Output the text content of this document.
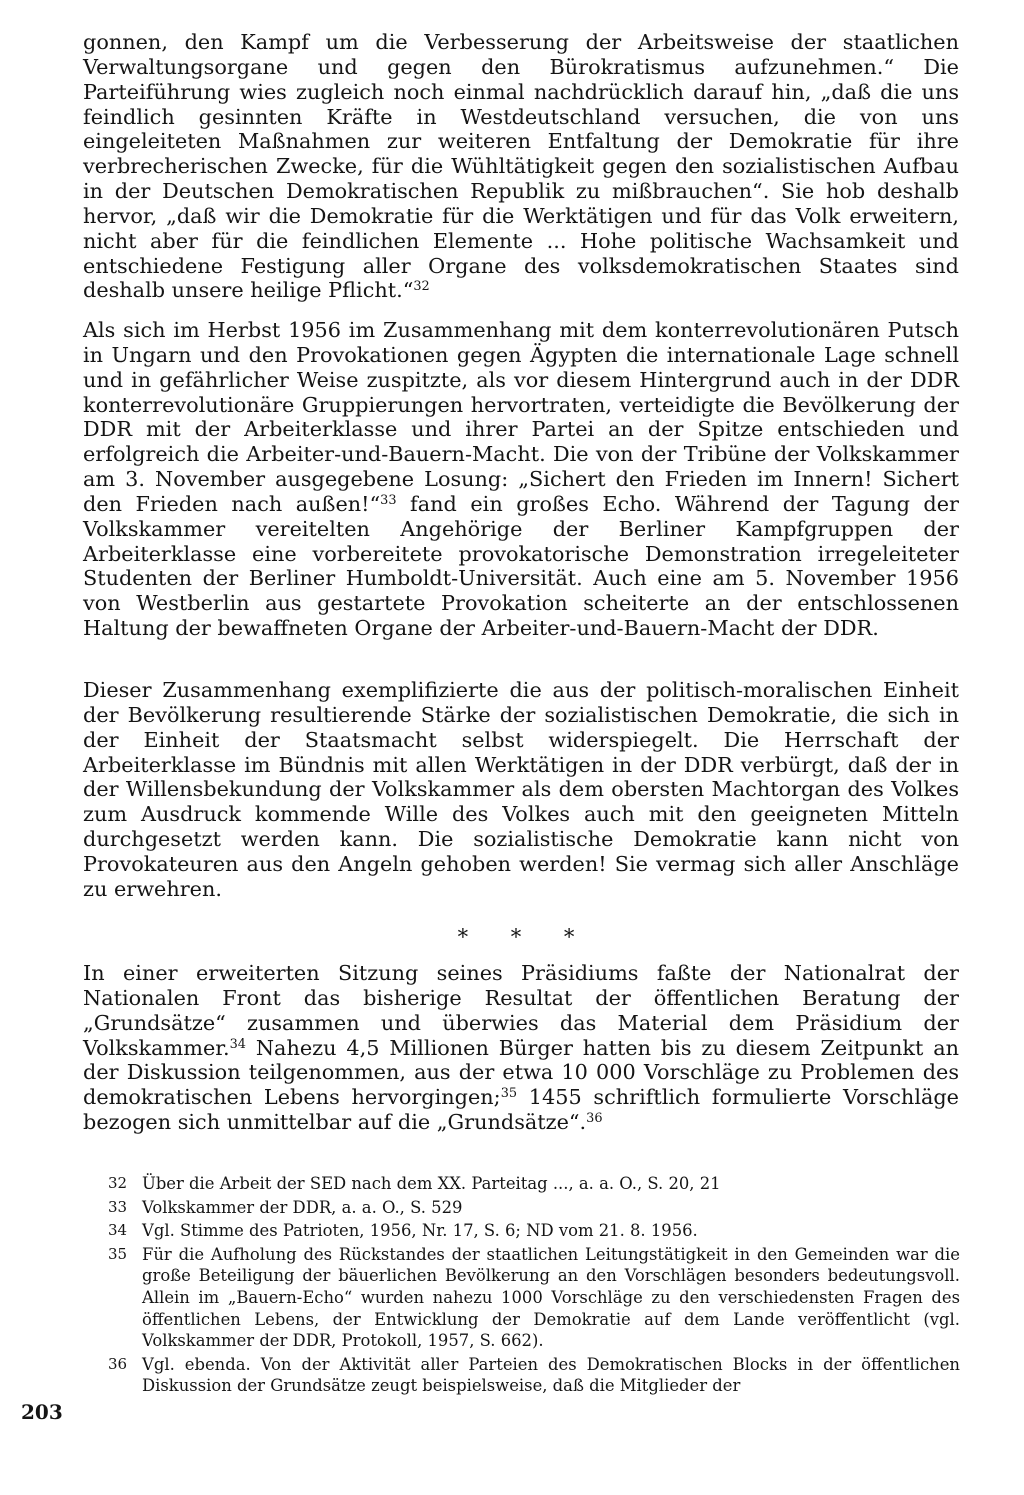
gonnen, den Kampf um die Verbesserung der Arbeitsweise der staatlichen Verwaltungsorgane und gegen den Bürokratismus aufzunehmen.“ Die Parteiführung wies zugleich noch einmal nachdrücklich darauf hin, „daß die uns feindlich gesinnten Kräfte in Westdeutschland versuchen, die von uns eingeleiteten Maßnahmen zur weiteren Entfaltung der Demokratie für ihre verbrecherischen Zwecke, für die Wühltätigkeit gegen den sozialistischen Aufbau in der Deutschen Demokratischen Republik zu mißbrauchen“. Sie hob deshalb hervor, „daß wir die Demokratie für die Werktätigen und für das Volk erweitern, nicht aber für die feindlichen Elemente ... Hohe politische Wachsamkeit und entschiedene Festigung aller Organe des volksdemokratischen Staates sind deshalb unsere heilige Pflicht.“$^{32}$

Als sich im Herbst 1956 im Zusammenhang mit dem konterrevolutionären Putsch in Ungarn und den Provokationen gegen Ägypten die internationale Lage schnell und in gefährlicher Weise zuspitzte, als vor diesem Hintergrund auch in der DDR konterrevolutionäre Gruppierungen hervortraten, verteidigte die Bevölkerung der DDR mit der Arbeiterklasse und ihrer Partei an der Spitze entschieden und erfolgreich die Arbeiter-und-Bauern-Macht. Die von der Tribüne der Volkskammer am 3. November ausgegebene Losung: „Sichert den Frieden im Innern! Sichert den Frieden nach außen!“$^{33}$ fand ein großes Echo. Während der Tagung der Volkskammer vereitelten Angehörige der Berliner Kampfgruppen der Arbeiterklasse eine vorbereitete provokatorische Demonstration irregeleiteter Studenten der Berliner Humboldt-Universität. Auch eine am 5. November 1956 von Westberlin aus gestartete Provokation scheiterte an der entschlossenen Haltung der bewaffneten Organe der Arbeiter-und-Bauern-Macht der DDR.

Dieser Zusammenhang exemplifizierte die aus der politisch-moralischen Einheit der Bevölkerung resultierende Stärke der sozialistischen Demokratie, die sich in der Einheit der Staatsmacht selbst widerspiegelt. Die Herrschaft der Arbeiterklasse im Bündnis mit allen Werktätigen in der DDR verbürgt, daß der in der Willensbekundung der Volkskammer als dem obersten Machtorgan des Volkes zum Ausdruck kommende Wille des Volkes auch mit den geeigneten Mitteln durchgesetzt werden kann. Die sozialistische Demokratie kann nicht von Provokateuren aus den Angeln gehoben werden! Sie vermag sich aller Anschläge zu erwehren.

* * *

In einer erweiterten Sitzung seines Präsidiums faßte der Nationalrat der Nationalen Front das bisherige Resultat der öffentlichen Beratung der „Grundsätze“ zusammen und überwies das Material dem Präsidium der Volkskammer.$^{34}$ Nahezu 4,5 Millionen Bürger hatten bis zu diesem Zeitpunkt an der Diskussion teilgenommen, aus der etwa 10 000 Vorschläge zu Problemen des demokratischen Lebens hervorgingen;$^{35}$ 1455 schriftlich formulierte Vorschläge bezogen sich unmittelbar auf die „Grundsätze“.$^{36}$

32 Über die Arbeit der SED nach dem XX. Parteitag ..., a. a. O., S. 20, 21

33 Volkskammer der DDR, a. a. O., S. 529

34 Vgl. Stimme des Patrioten, 1956, Nr. 17, S. 6; ND vom 21. 8. 1956.

35 Für die Aufholung des Rückstandes der staatlichen Leitungstätigkeit in den Gemeinden war die große Beteiligung der bäuerlichen Bevölkerung an den Vorschlägen besonders bedeutungsvoll. Allein im „Bauern-Echo“ wurden nahezu 1000 Vorschläge zu den verschiedensten Fragen des öffentlichen Lebens, der Entwicklung der Demokratie auf dem Lande veröffentlicht (vgl. Volkskammer der DDR, Protokoll, 1957, S. 662).

36 Vgl. ebenda. Von der Aktivität aller Parteien des Demokratischen Blocks in der öffentlichen Diskussion der Grundsätze zeugt beispielsweise, daß die Mitglieder der

203
